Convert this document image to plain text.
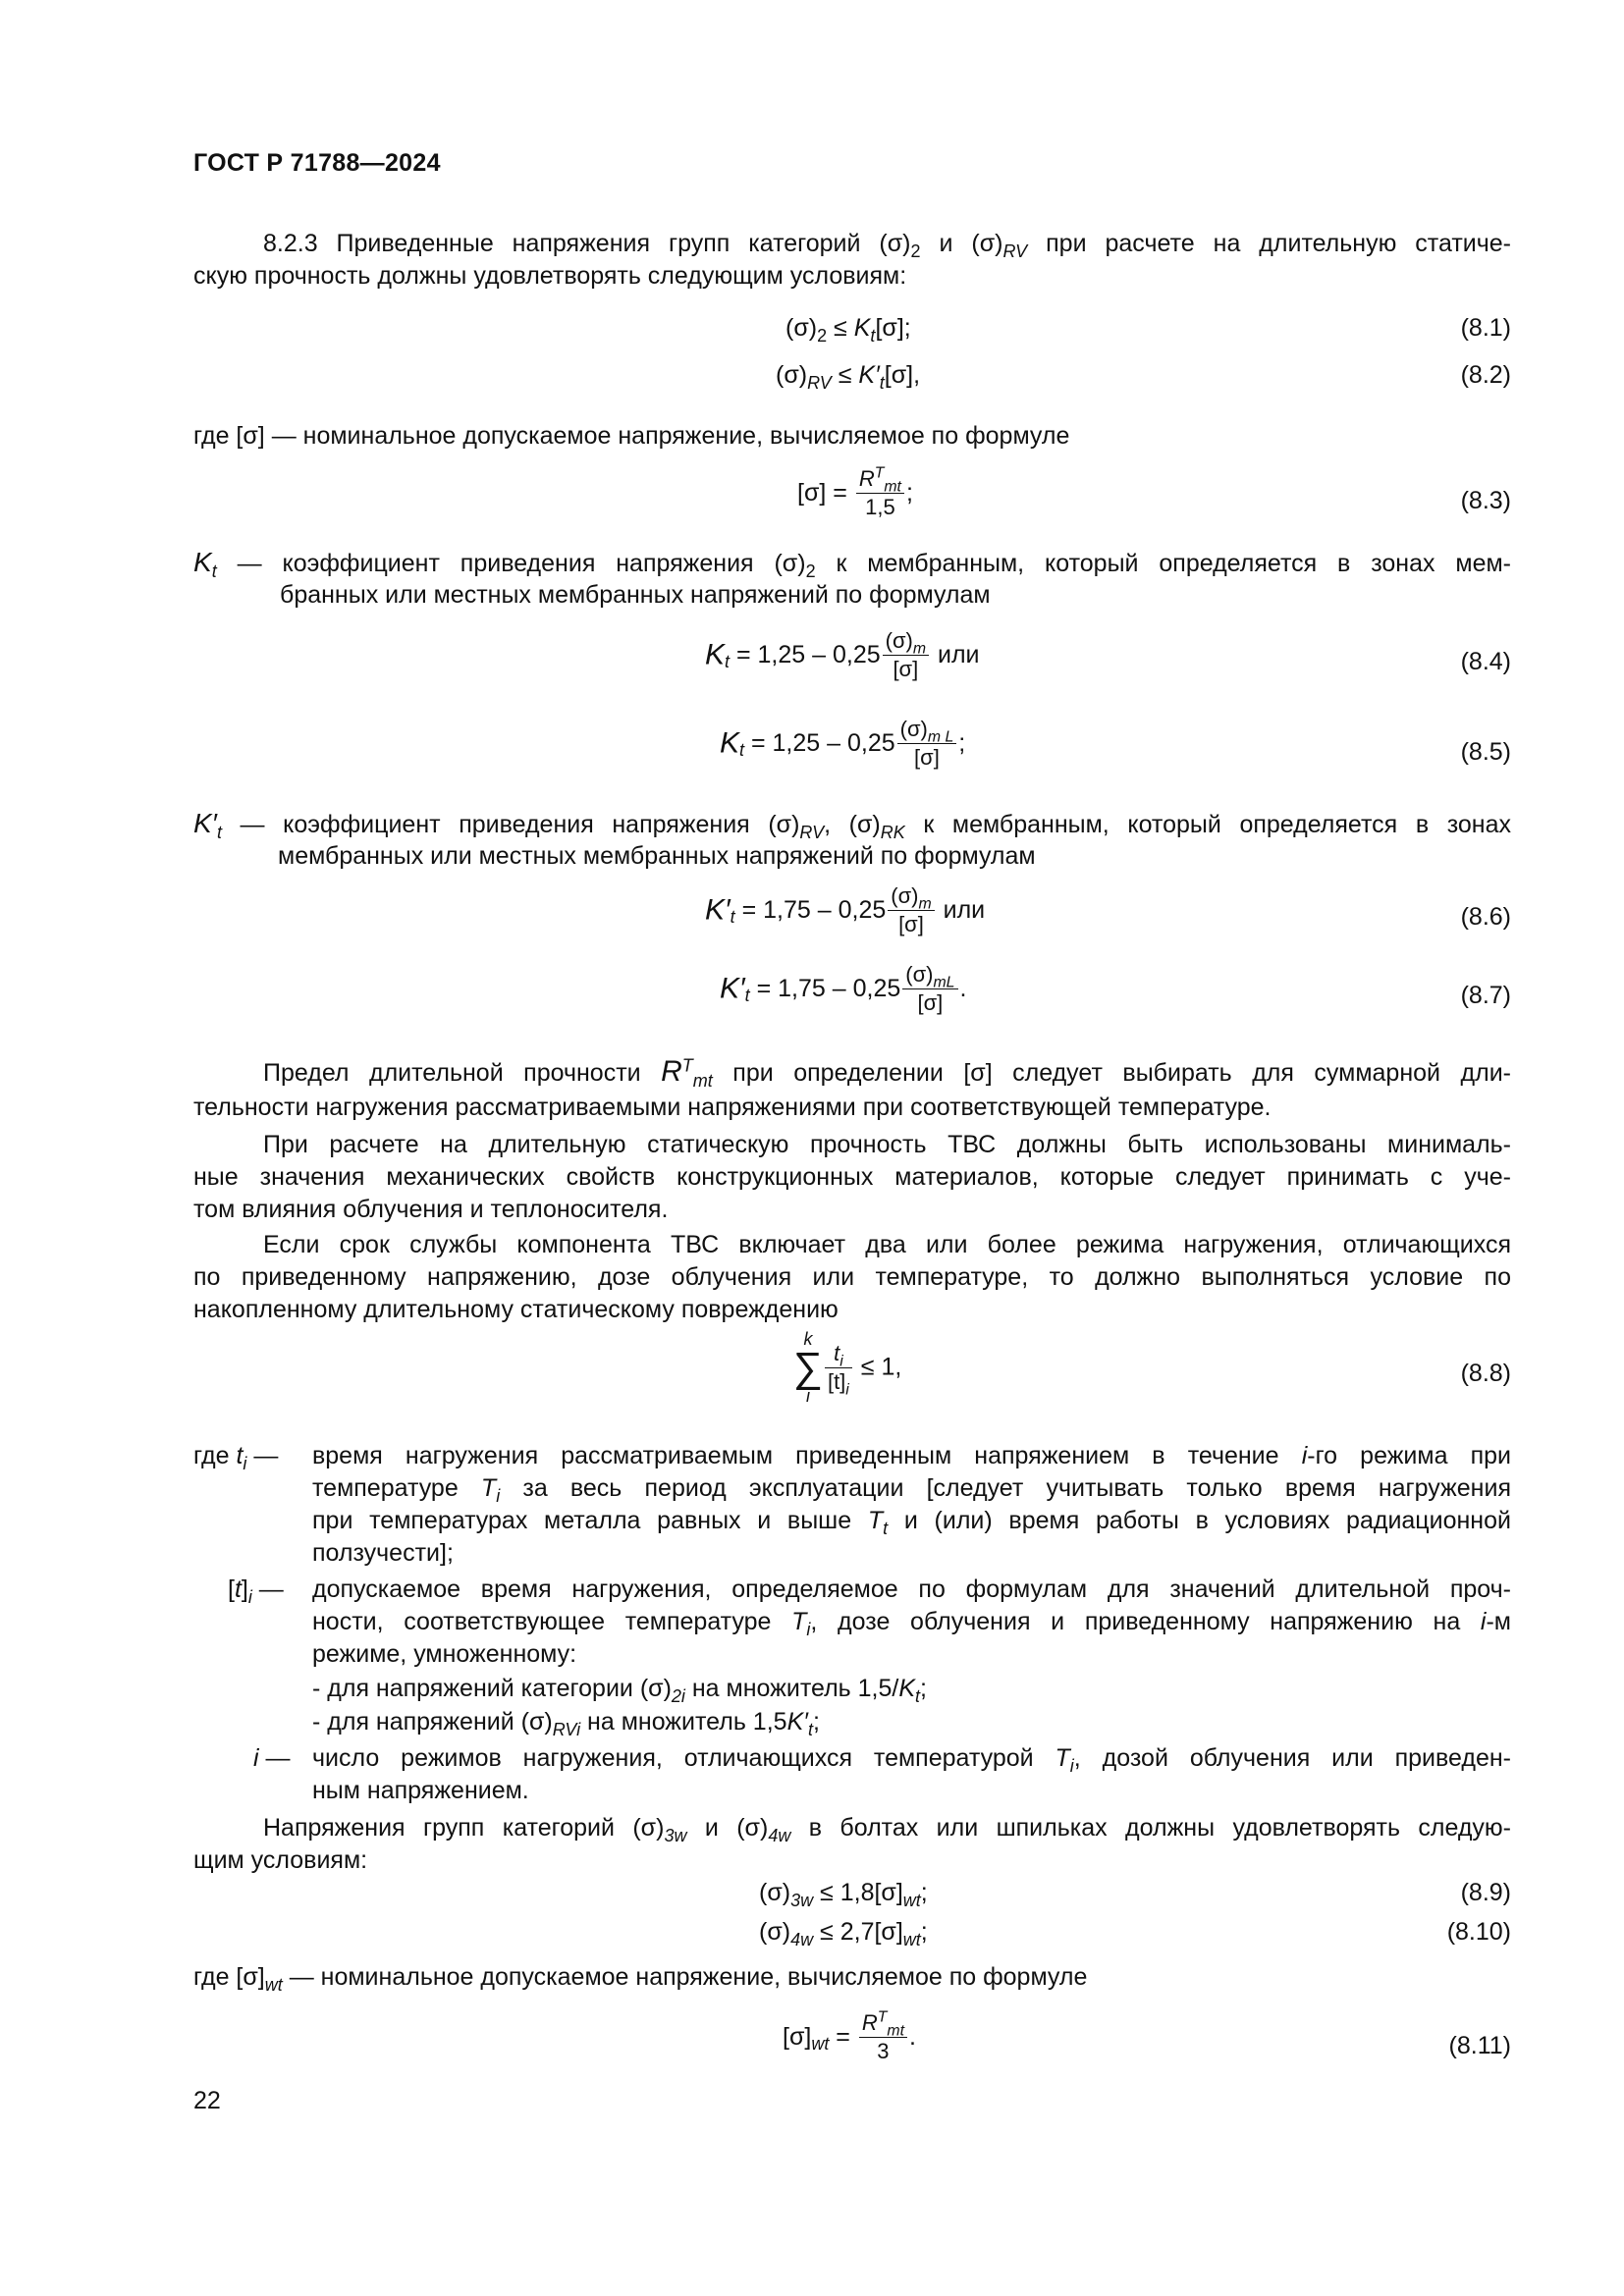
ГОСТ Р 71788—2024
8.2.3 Приведенные напряжения групп категорий $(\sigma)_2$ и $(\sigma)_{RV}$ при расчете на длительную статиче-
скую прочность должны удовлетворять следующим условиям:
$(\sigma)_2 \le K_t[\sigma]$;	(8.1)
$(\sigma)_{RV} \le K'_t[\sigma]$,	(8.2)
где [σ] — номинальное допускаемое напряжение, вычисляемое по формуле
$[\sigma] = \frac{R^T_{mt}}{1,5}$ ;	(8.3)
$K_t$ — коэффициент приведения напряжения $(\sigma)_2$ к мембранным, который определяется в зонах мем-
бранных или местных мембранных напряжений по формулам
$K_t = 1,25 - 0,25 \frac{(\sigma)_m}{[\sigma]}$ или	(8.4)
$K_t = 1,25 - 0,25 \frac{(\sigma)_{m L}}{[\sigma]}$ ;	(8.5)
$K'_t$ — коэффициент приведения напряжения $(\sigma)_{RV}$, $(\sigma)_{RK}$ к мембранным, который определяется в зонах
мембранных или местных мембранных напряжений по формулам
$K'_t = 1,75 - 0,25 \frac{(\sigma)_m}{[\sigma]}$ или	(8.6)
$K'_t = 1,75 - 0,25 \frac{(\sigma)_{mL}}{[\sigma]}$ .	(8.7)
Предел длительной прочности $R^T_{mt}$ при определении [σ] следует выбирать для суммарной дли-
тельности нагружения рассматриваемыми напряжениями при соответствующей температуре.
При расчете на длительную статическую прочность ТВС должны быть использованы минималь-
ные значения механических свойств конструкционных материалов, которые следует принимать с уче-
том влияния облучения и теплоносителя.
Если срок службы компонента ТВС включает два или более режима нагружения, отличающихся
по приведенному напряжению, дозе облучения или температуре, то должно выполняться условие по
накопленному длительному статическому повреждению
k
∑
i
$\frac{t_i}{[t]_i} \le 1$,	(8.8)
где $t_i$ — время нагружения рассматриваемым приведенным напряжением в течение i-го режима при
температуре $T_i$ за весь период эксплуатации [следует учитывать только время нагружения
при температурах металла равных и выше $T_t$ и (или) время работы в условиях радиационной
ползучести];
$[t]_i$ — допускаемое время нагружения, определяемое по формулам для значений длительной проч-
ности, соответствующее температуре $T_i$, дозе облучения и приведенному напряжению на i-м
режиме, умноженному:
- для напряжений категории $(\sigma)_{2i}$ на множитель $1,5/K_t$;
- для напряжений $(\sigma)_{RVi}$ на множитель $1,5K'_t$;
i — число режимов нагружения, отличающихся температурой $T_i$, дозой облучения или приведен-
ным напряжением.
Напряжения групп категорий $(\sigma)_{3w}$ и $(\sigma)_{4w}$ в болтах или шпильках должны удовлетворять следую-
щим условиям:
$(\sigma)_{3w} \le 1,8[\sigma]_{wt}$;	(8.9)
$(\sigma)_{4w} \le 2,7[\sigma]_{wt}$;	(8.10)
где $[\sigma]_{wt}$ — номинальное допускаемое напряжение, вычисляемое по формуле
$[\sigma]_{wt} = \frac{R^T_{mt}}{3}$ .	(8.11)
22
